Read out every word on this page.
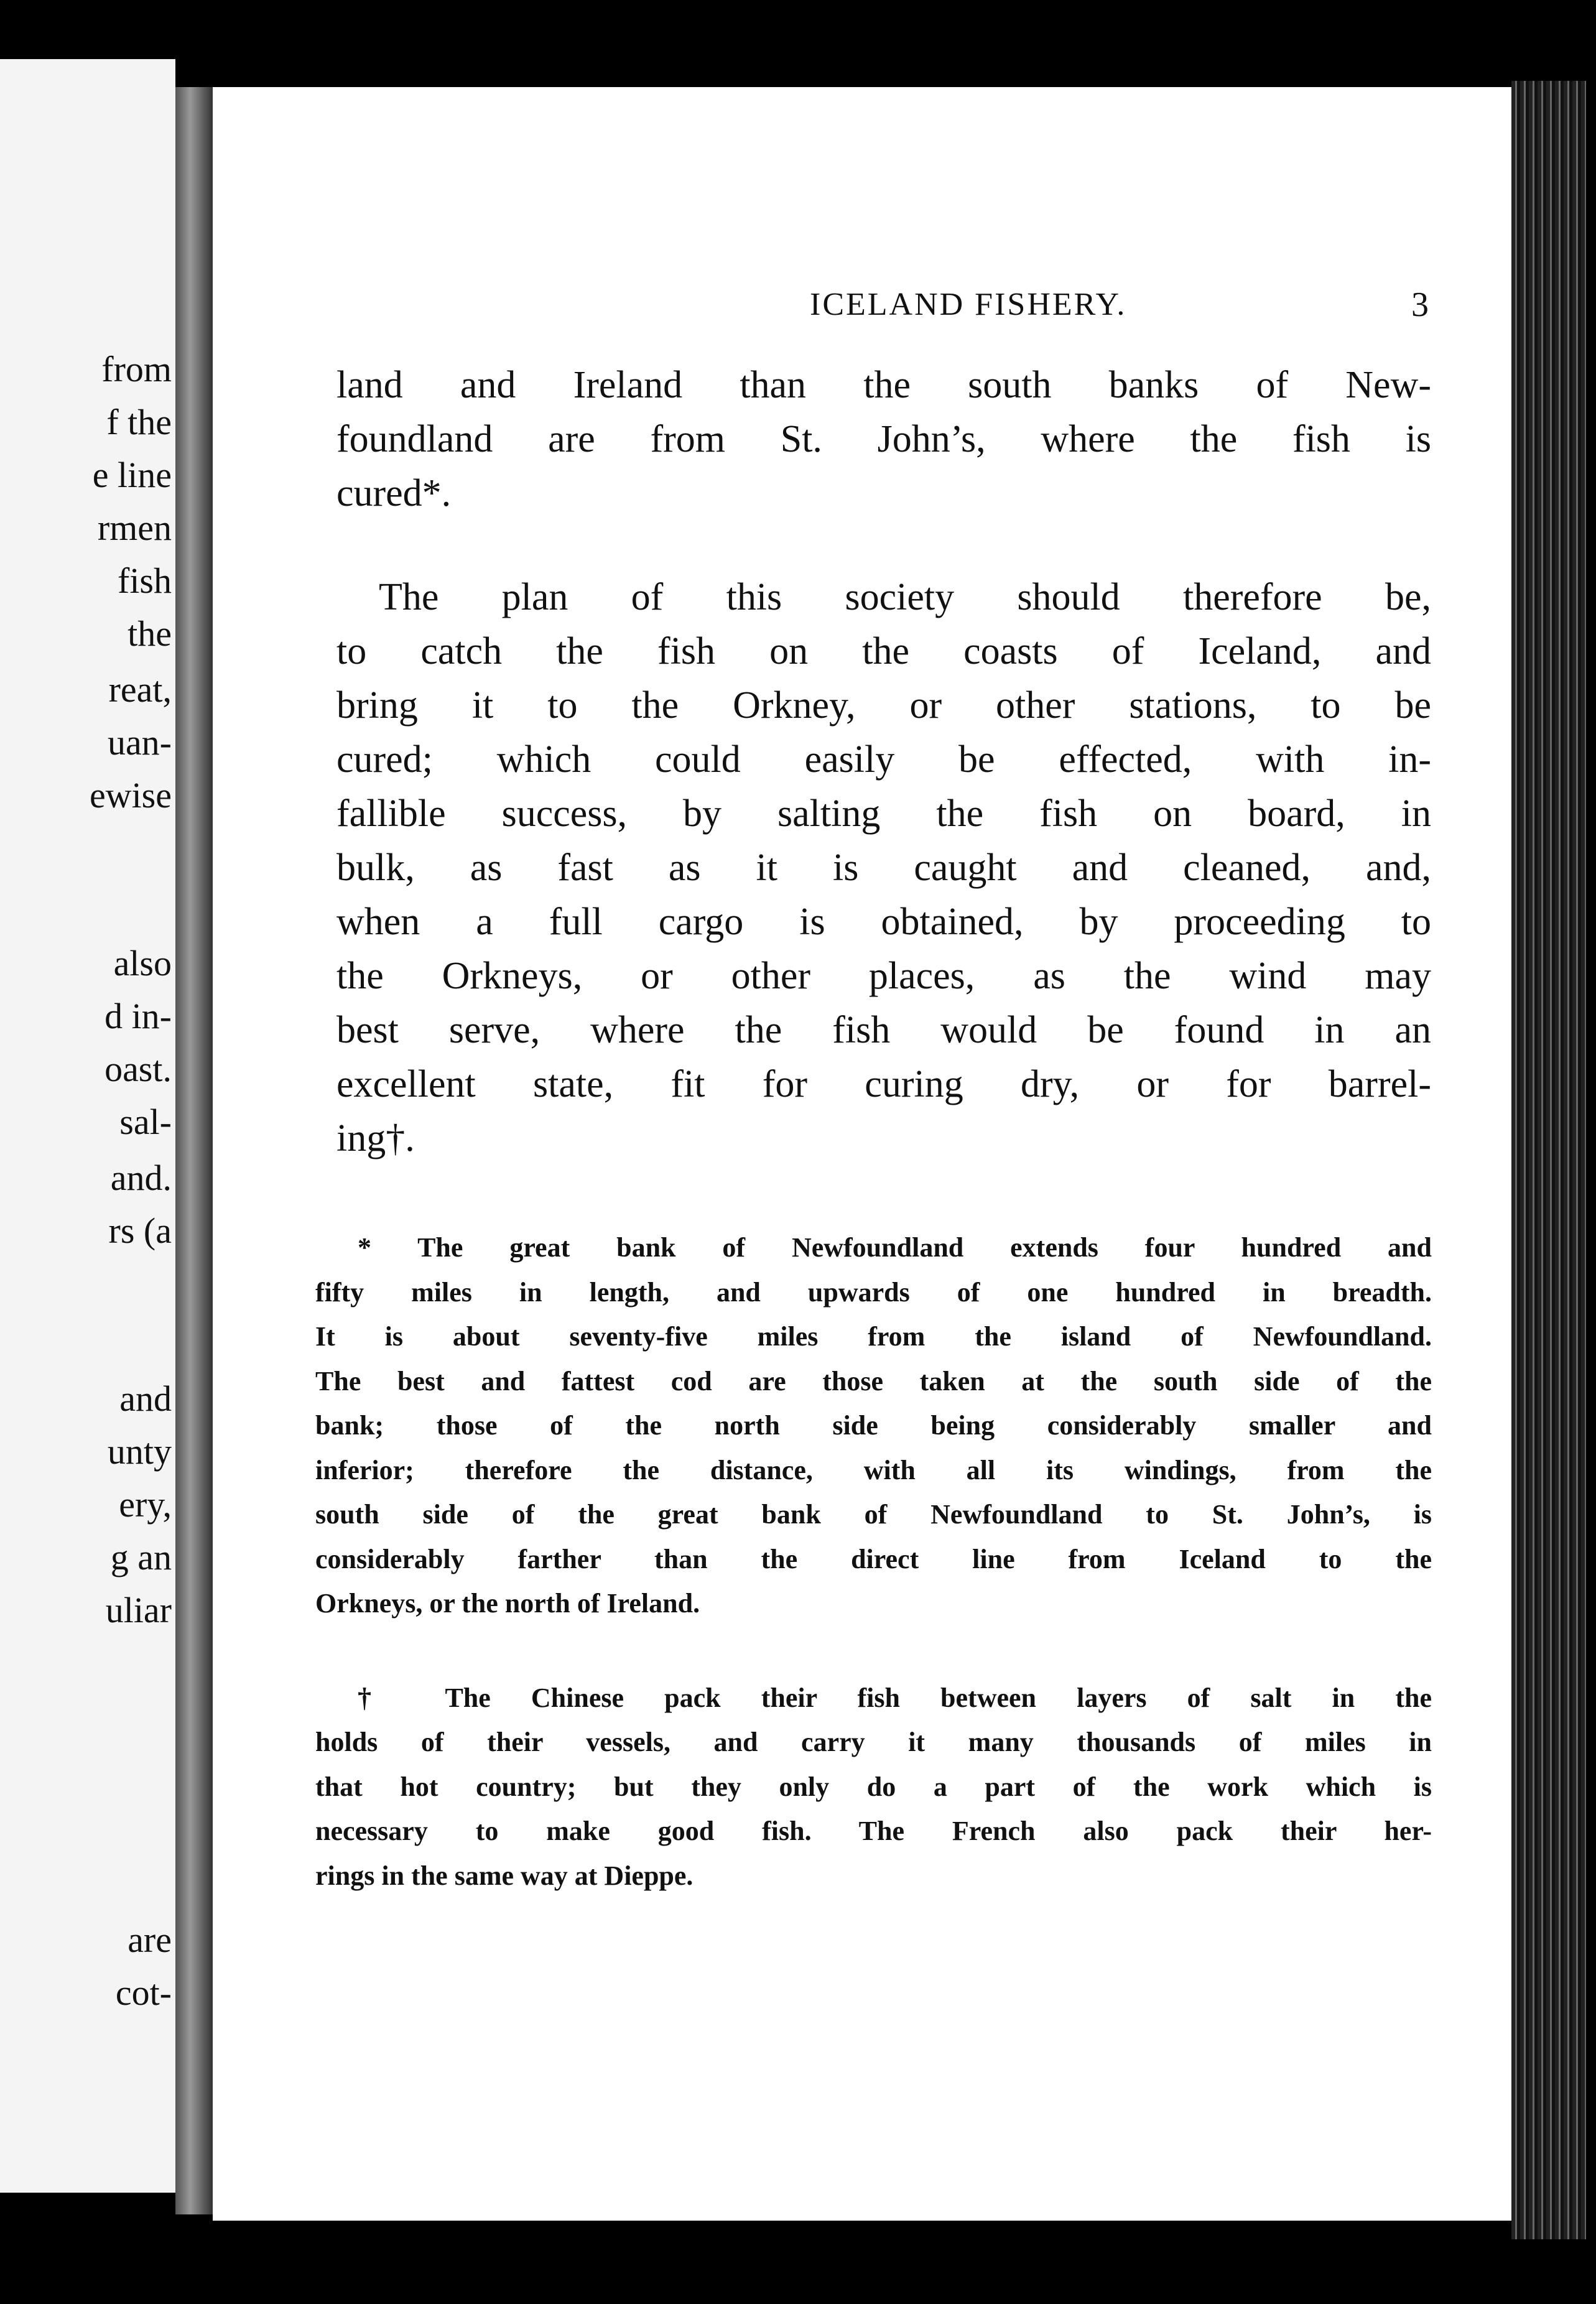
from
f the
e line
rmen
fish
the
reat,
uan-
ewise
also
d in-
oast.
sal-
and.
rs (a
and
unty
ery,
g an
uliar
are
cot-
ICELAND FISHERY.	3
land and Ireland than the south banks of New-
foundland are from St. John’s, where the fish is
cured*.
The plan of this society should therefore be,
to catch the fish on the coasts of Iceland, and
bring it to the Orkney, or other stations, to be
cured; which could easily be effected, with in-
fallible success, by salting the fish on board, in
bulk, as fast as it is caught and cleaned, and,
when a full cargo is obtained, by proceeding to
the Orkneys, or other places, as the wind may
best serve, where the fish would be found in an
excellent state, fit for curing dry, or for barrel-
ing†.
* The great bank of Newfoundland extends four hundred and
fifty miles in length, and upwards of one hundred in breadth.
It is about seventy-five miles from the island of Newfoundland.
The best and fattest cod are those taken at the south side of the
bank; those of the north side being considerably smaller and
inferior; therefore the distance, with all its windings, from the
south side of the great bank of Newfoundland to St. John’s, is
considerably farther than the direct line from Iceland to the
Orkneys, or the north of Ireland.
† The Chinese pack their fish between layers of salt in the
holds of their vessels, and carry it many thousands of miles in
that hot country; but they only do a part of the work which is
necessary to make good fish. The French also pack their her-
rings in the same way at Dieppe.
